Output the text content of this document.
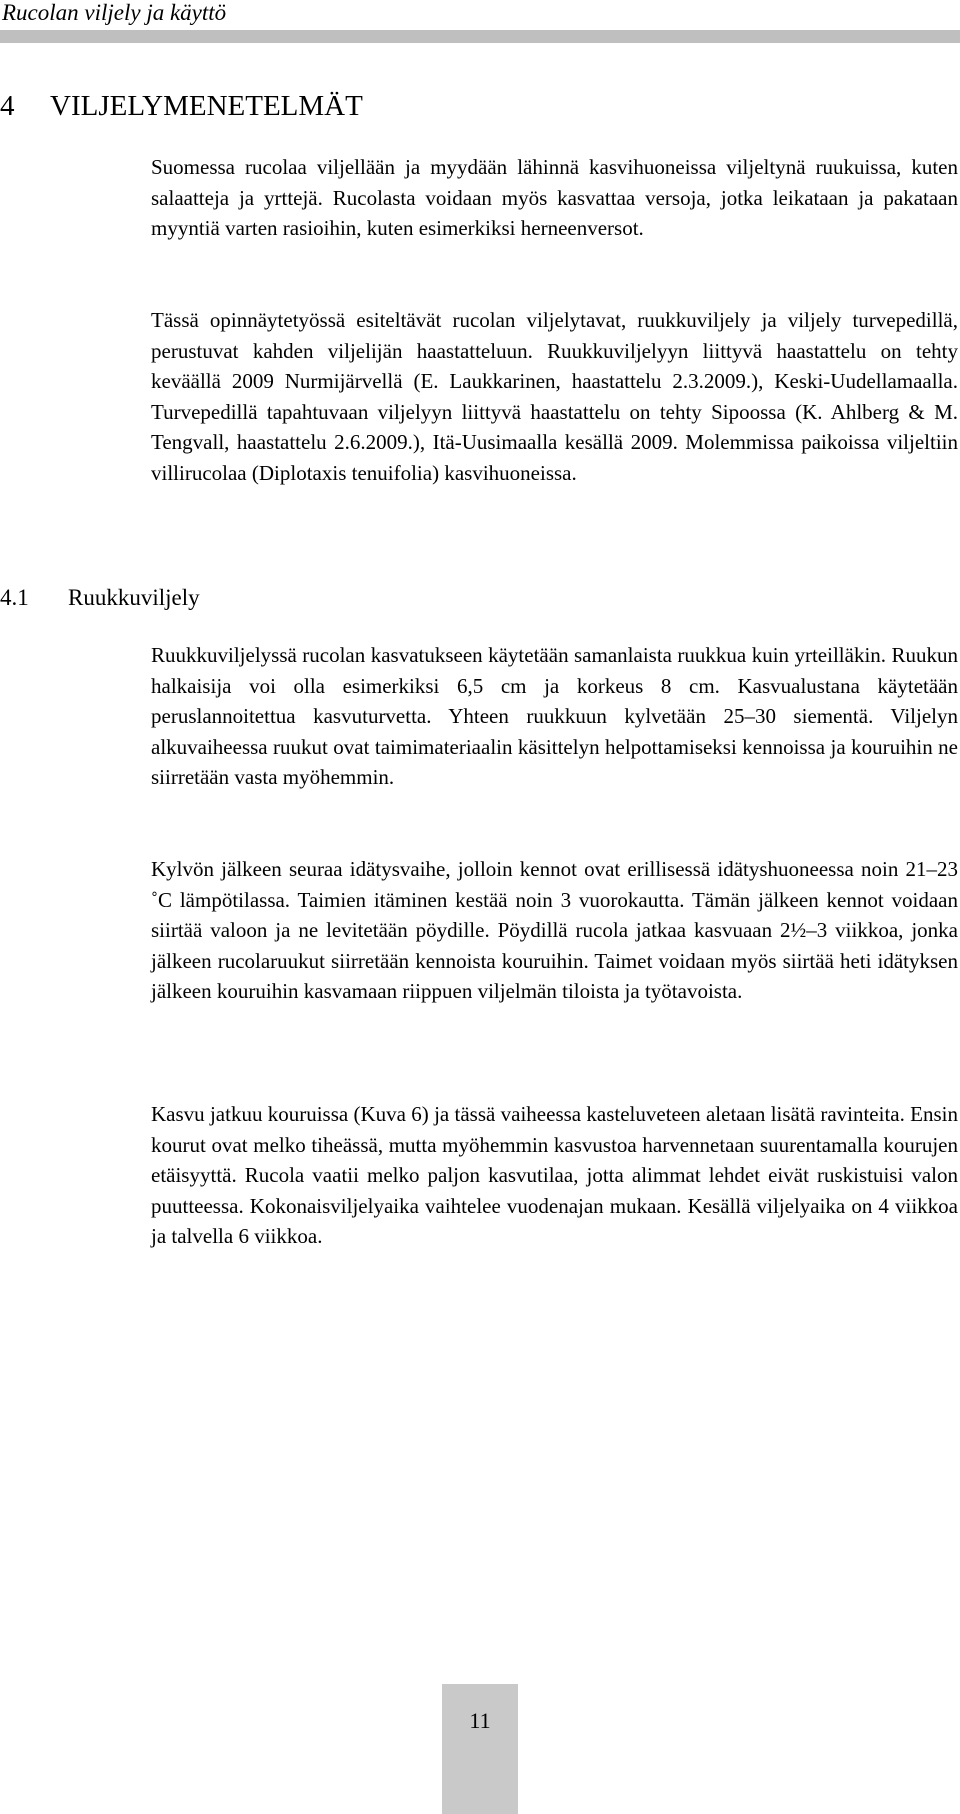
Rucolan viljely ja käyttö
4 VILJELYMENETELMÄT

Suomessa rucolaa viljellään ja myydään lähinnä kasvihuoneissa viljeltynä ruukuissa, kuten salaatteja ja yrttejä. Rucolasta voidaan myös kasvattaa versoja, jotka leikataan ja pakataan myyntiä varten rasioihin, kuten esimerkiksi herneenversot.

Tässä opinnäytetyössä esiteltävät rucolan viljelytavat, ruukkuviljely ja viljely turvepedillä, perustuvat kahden viljelijän haastatteluun. Ruukkuviljelyyn liittyvä haastattelu on tehty keväällä 2009 Nurmijärvellä (E. Laukkarinen, haastattelu 2.3.2009.), Keski-Uudellamaalla. Turvepedillä tapahtuvaan viljelyyn liittyvä haastattelu on tehty Sipoossa (K. Ahlberg & M. Tengvall, haastattelu 2.6.2009.), Itä-Uusimaalla kesällä 2009. Molemmissa paikoissa viljeltiin villirucolaa (Diplotaxis tenuifolia) kasvihuoneissa.

4.1 Ruukkuviljely

Ruukkuviljelyssä rucolan kasvatukseen käytetään samanlaista ruukkua kuin yrteilläkin. Ruukun halkaisija voi olla esimerkiksi 6,5 cm ja korkeus 8 cm. Kasvualustana käytetään peruslannoitettua kasvuturvetta. Yhteen ruukkuun kylvetään 25–30 siementä. Viljelyn alkuvaiheessa ruukut ovat taimimateriaalin käsittelyn helpottamiseksi kennoissa ja kouruihin ne siirretään vasta myöhemmin.

Kylvön jälkeen seuraa idätysvaihe, jolloin kennot ovat erillisessä idätyshuoneessa noin 21–23 ˚C lämpötilassa. Taimien itäminen kestää noin 3 vuorokautta. Tämän jälkeen kennot voidaan siirtää valoon ja ne levitetään pöydille. Pöydillä rucola jatkaa kasvuaan 2½–3 viikkoa, jonka jälkeen rucolaruukut siirretään kennoista kouruihin. Taimet voidaan myös siirtää heti idätyksen jälkeen kouruihin kasvamaan riippuen viljelmän tiloista ja työtavoista.

Kasvu jatkuu kouruissa (Kuva 6) ja tässä vaiheessa kasteluveteen aletaan lisätä ravinteita. Ensin kourut ovat melko tiheässä, mutta myöhemmin kasvustoa harvennetaan suurentamalla kourujen etäisyyttä. Rucola vaatii melko paljon kasvutilaa, jotta alimmat lehdet eivät ruskistuisi valon puutteessa. Kokonaisviljelyaika vaihtelee vuodenajan mukaan. Kesällä viljelyaika on 4 viikkoa ja talvella 6 viikkoa.

11
